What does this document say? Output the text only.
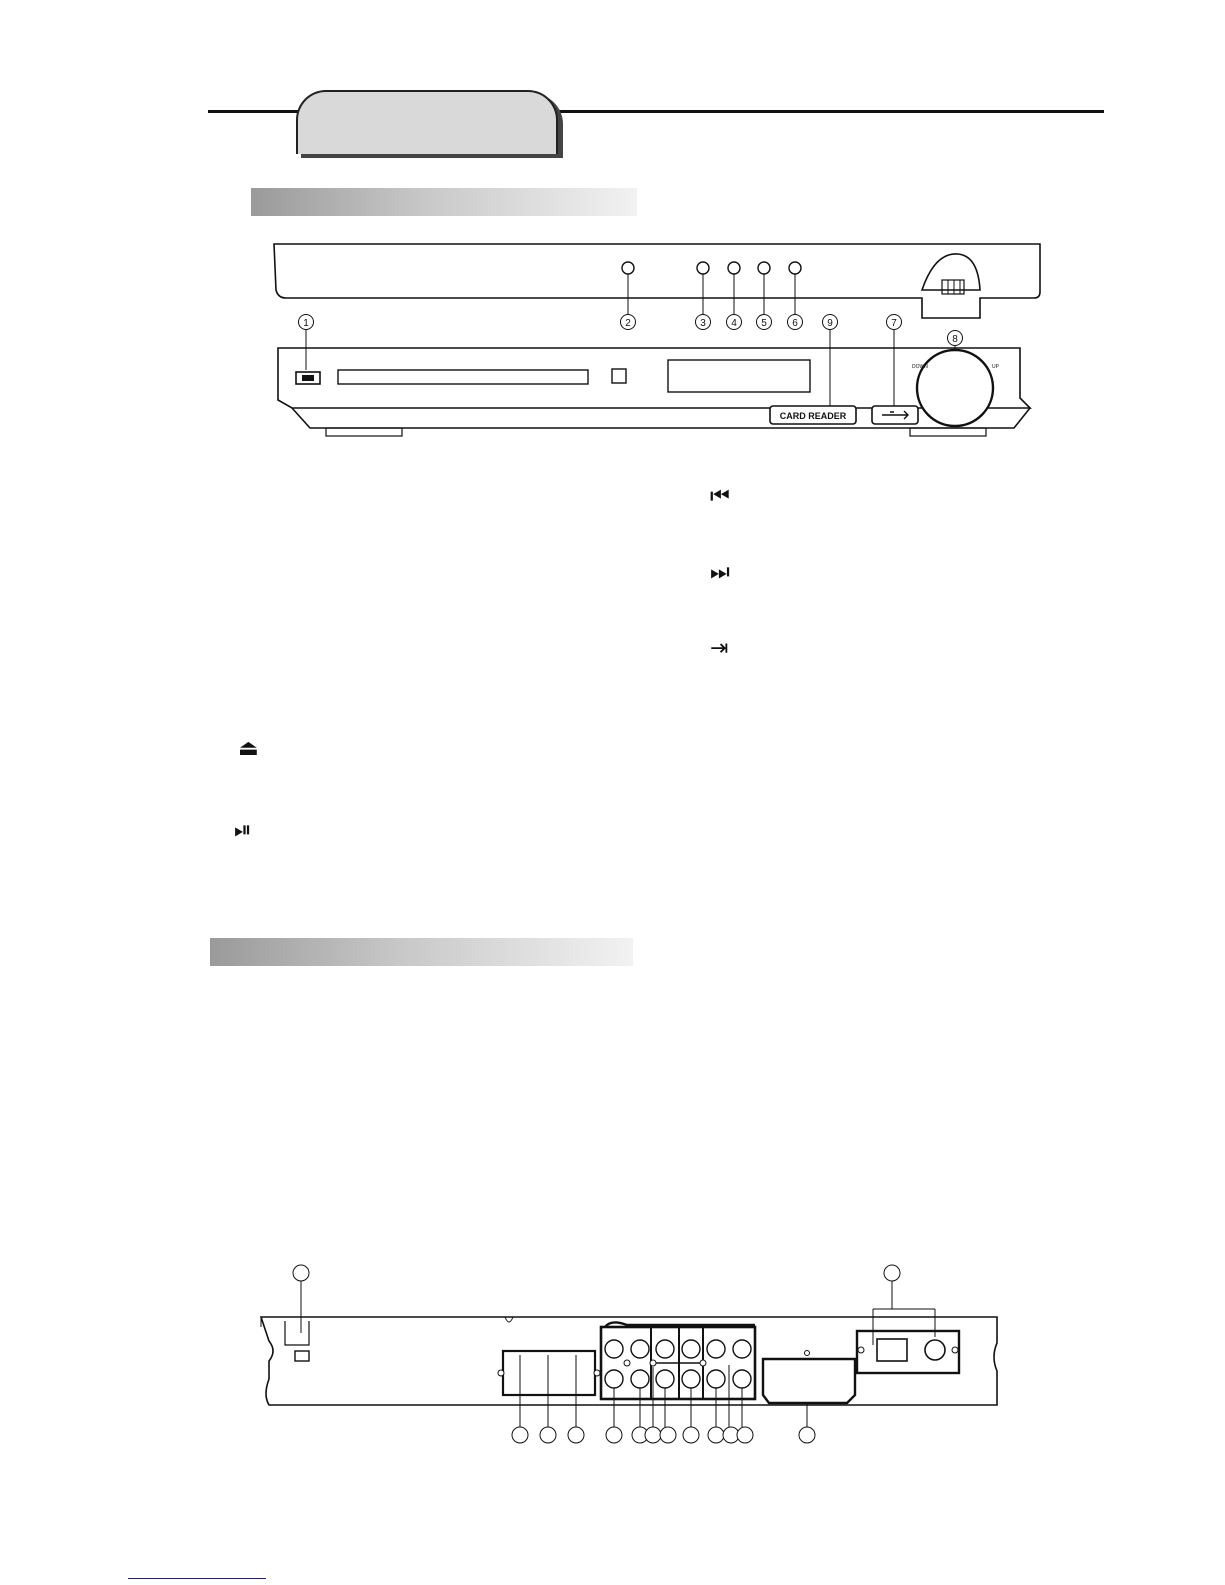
1	2	3	4 5	6	9	7
8
CARD READER
DOWN	UP
⏮
⏭
⇥
⏏
⏯
